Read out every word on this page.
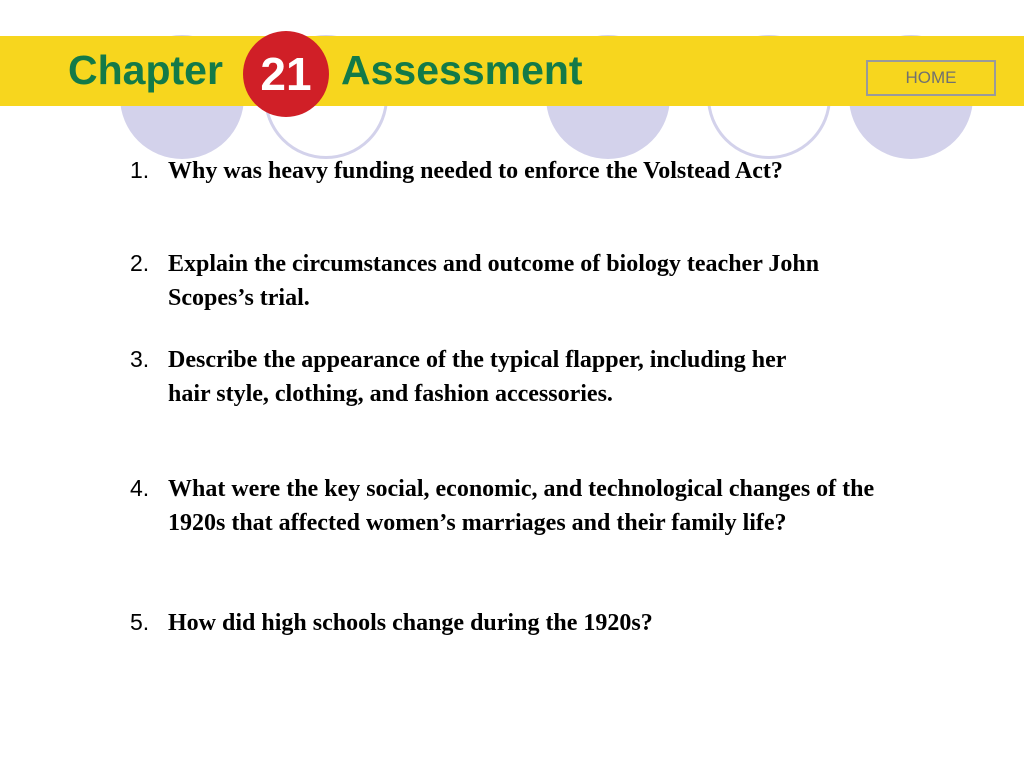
Chapter 21 Assessment	HOME
1. Why was heavy funding needed to enforce the Volstead Act?
2. Explain the circumstances and outcome of biology teacher John Scopes’s trial.
3. Describe the appearance of the typical flapper, including her hair style, clothing, and fashion accessories.
4. What were the key social, economic, and technological changes of the 1920s that affected women’s marriages and their family life?
5. How did high schools change during the 1920s?
